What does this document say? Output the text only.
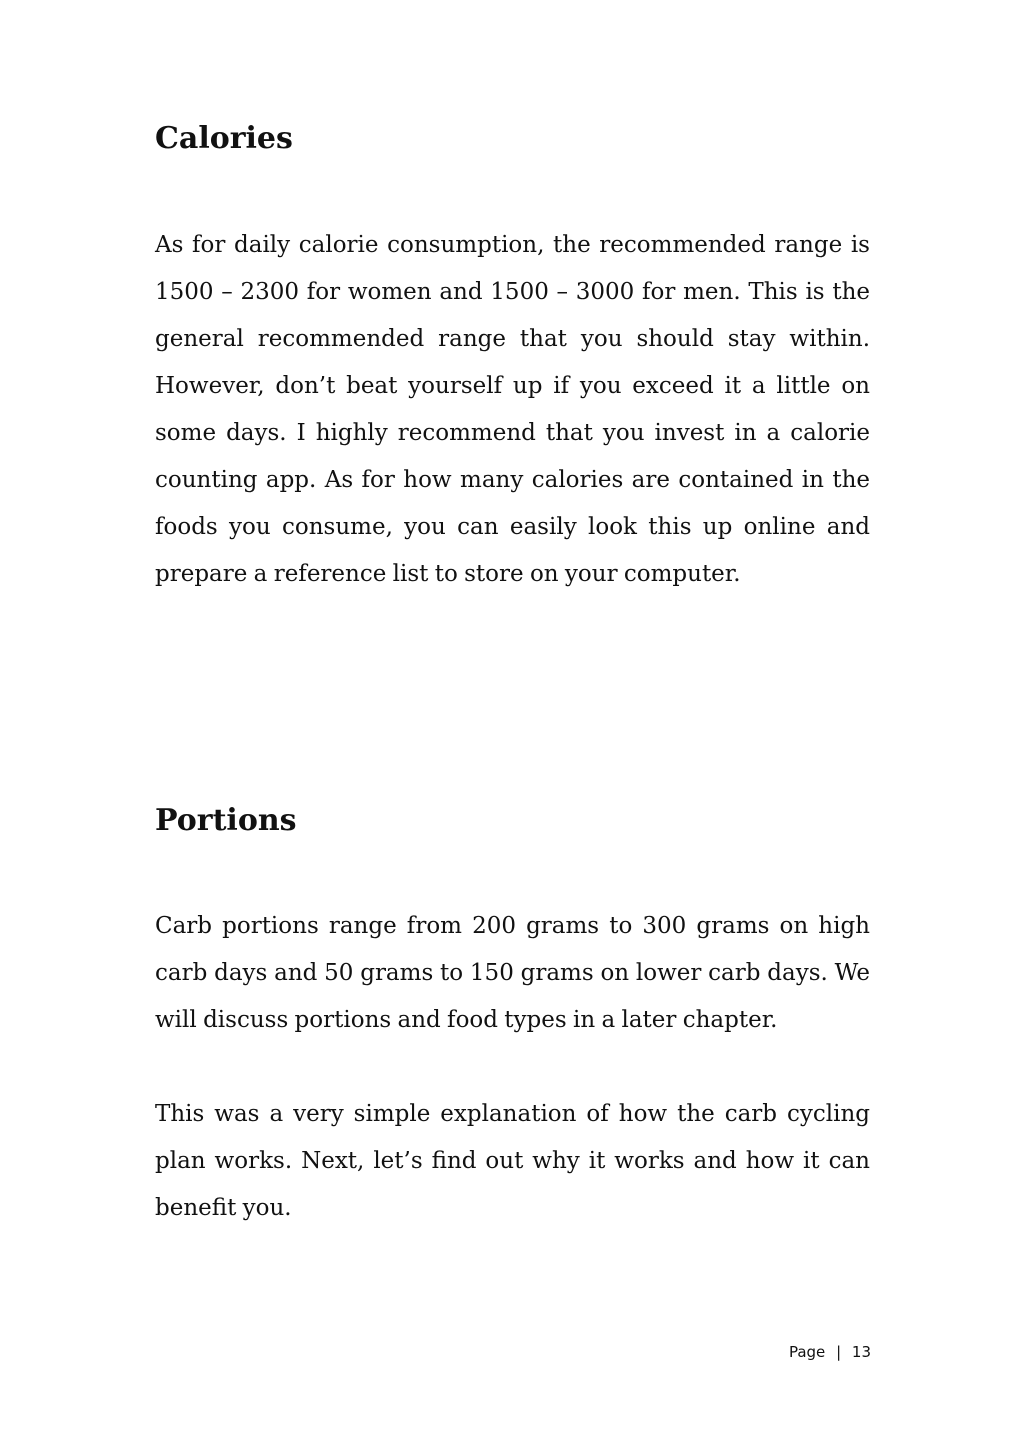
Calories

As for daily calorie consumption, the recommended range is 1500 – 2300 for women and 1500 – 3000 for men. This is the general recommended range that you should stay within. However, don’t beat yourself up if you exceed it a little on some days. I highly recommend that you invest in a calorie counting app. As for how many calories are contained in the foods you consume, you can easily look this up online and prepare a reference list to store on your computer.

Portions

Carb portions range from 200 grams to 300 grams on high carb days and 50 grams to 150 grams on lower carb days. We will discuss portions and food types in a later chapter.

This was a very simple explanation of how the carb cycling plan works. Next, let’s find out why it works and how it can benefit you.

Page | 13
